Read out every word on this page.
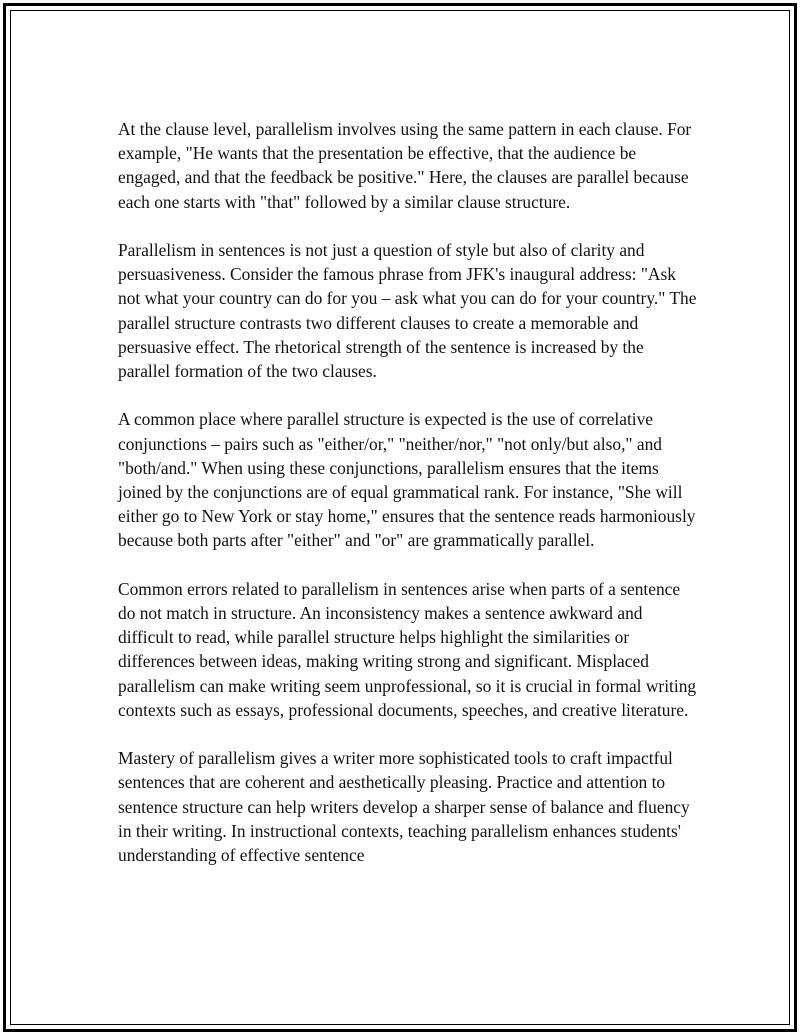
At the clause level, parallelism involves using the same pattern in each clause. For example, "He wants that the presentation be effective, that the audience be engaged, and that the feedback be positive." Here, the clauses are parallel because each one starts with "that" followed by a similar clause structure.

Parallelism in sentences is not just a question of style but also of clarity and persuasiveness. Consider the famous phrase from JFK's inaugural address: "Ask not what your country can do for you – ask what you can do for your country." The parallel structure contrasts two different clauses to create a memorable and persuasive effect. The rhetorical strength of the sentence is increased by the parallel formation of the two clauses.

A common place where parallel structure is expected is the use of correlative conjunctions – pairs such as "either/or," "neither/nor," "not only/but also," and "both/and." When using these conjunctions, parallelism ensures that the items joined by the conjunctions are of equal grammatical rank. For instance, "She will either go to New York or stay home," ensures that the sentence reads harmoniously because both parts after "either" and "or" are grammatically parallel.

Common errors related to parallelism in sentences arise when parts of a sentence do not match in structure. An inconsistency makes a sentence awkward and difficult to read, while parallel structure helps highlight the similarities or differences between ideas, making writing strong and significant. Misplaced parallelism can make writing seem unprofessional, so it is crucial in formal writing contexts such as essays, professional documents, speeches, and creative literature.

Mastery of parallelism gives a writer more sophisticated tools to craft impactful sentences that are coherent and aesthetically pleasing. Practice and attention to sentence structure can help writers develop a sharper sense of balance and fluency in their writing. In instructional contexts, teaching parallelism enhances students' understanding of effective sentence
